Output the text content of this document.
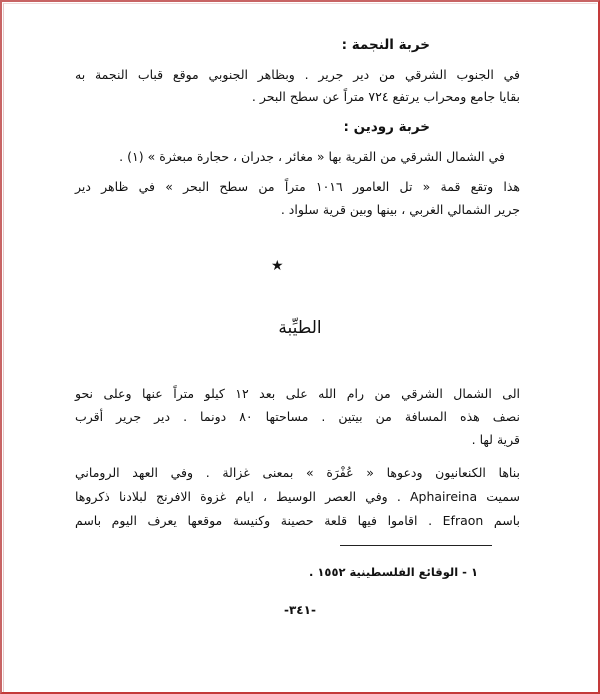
خربة النجمة :
في الجنوب الشرقي من دير جرير . وبظاهر الجنوبي موقع قباب النجمة به
بقايا جامع ومحراب يرتفع ٧٢٤ متراً عن سطح البحر .
خربة رودين :
في الشمال الشرقي من القرية بها « مغائر ، جدران ، حجارة مبعثرة » (١) .
هذا وتقع قمة « تل العامور ١٠١٦ متراً من سطح البحر » في ظاهر دير
جرير الشمالي الغربي ، بينها وبين قرية سلواد .
★
الطيِّبة
الى الشمال الشرقي من رام الله على بعد ١٢ كيلو متراً عنها وعلى نحو
نصف هذه المسافة من بيتين . مساحتها ٨٠ دونما . دير جرير أقرب
قرية لها .
بناها الكنعانيون ودعوها « عُفْرَة » بمعنى غزالة . وفي العهد الروماني
سميت Aphaireina . وفي العصر الوسيط ، ايام غزوة الافرنج لبلادنا ذكروها
باسم Efraon . اقاموا فيها قلعة حصينة وكنيسة موقعها يعرف اليوم باسم
١ - الوقائع الفلسطينية ١٥٥٢ .
-٣٤١-
